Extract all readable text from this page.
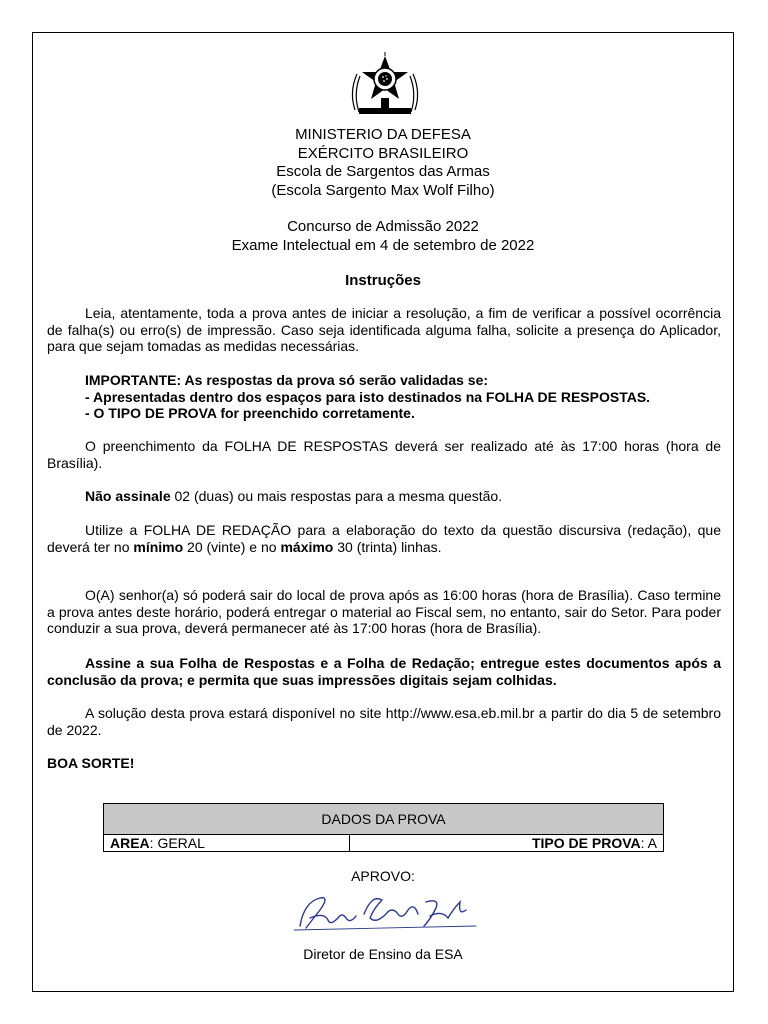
MINISTERIO DA DEFESA
EXÉRCITO BRASILEIRO
Escola de Sargentos das Armas
(Escola Sargento Max Wolf Filho)
Concurso de Admissão 2022
Exame Intelectual em 4 de setembro de 2022
Instruções

Leia, atentamente, toda a prova antes de iniciar a resolução, a fim de verificar a possível ocorrência de falha(s) ou erro(s) de impressão. Caso seja identificada alguma falha, solicite a presença do Aplicador, para que sejam tomadas as medidas necessárias.

IMPORTANTE: As respostas da prova só serão validadas se:
- Apresentadas dentro dos espaços para isto destinados na FOLHA DE RESPOSTAS.
- O TIPO DE PROVA for preenchido corretamente.

O preenchimento da FOLHA DE RESPOSTAS deverá ser realizado até às 17:00 horas (hora de Brasília).

Não assinale 02 (duas) ou mais respostas para a mesma questão.

Utilize a FOLHA DE REDAÇÃO para a elaboração do texto da questão discursiva (redação), que deverá ter no mínimo 20 (vinte) e no máximo 30 (trinta) linhas.

O(A) senhor(a) só poderá sair do local de prova após as 16:00 horas (hora de Brasília). Caso termine a prova antes deste horário, poderá entregar o material ao Fiscal sem, no entanto, sair do Setor. Para poder conduzir a sua prova, deverá permanecer até às 17:00 horas (hora de Brasília).

Assine a sua Folha de Respostas e a Folha de Redação; entregue estes documentos após a conclusão da prova; e permita que suas impressões digitais sejam colhidas.

A solução desta prova estará disponível no site http://www.esa.eb.mil.br a partir do dia 5 de setembro de 2022.

BOA SORTE!

DADOS DA PROVA
AREA: GERAL	TIPO DE PROVA: A
APROVO:
Diretor de Ensino da ESA
